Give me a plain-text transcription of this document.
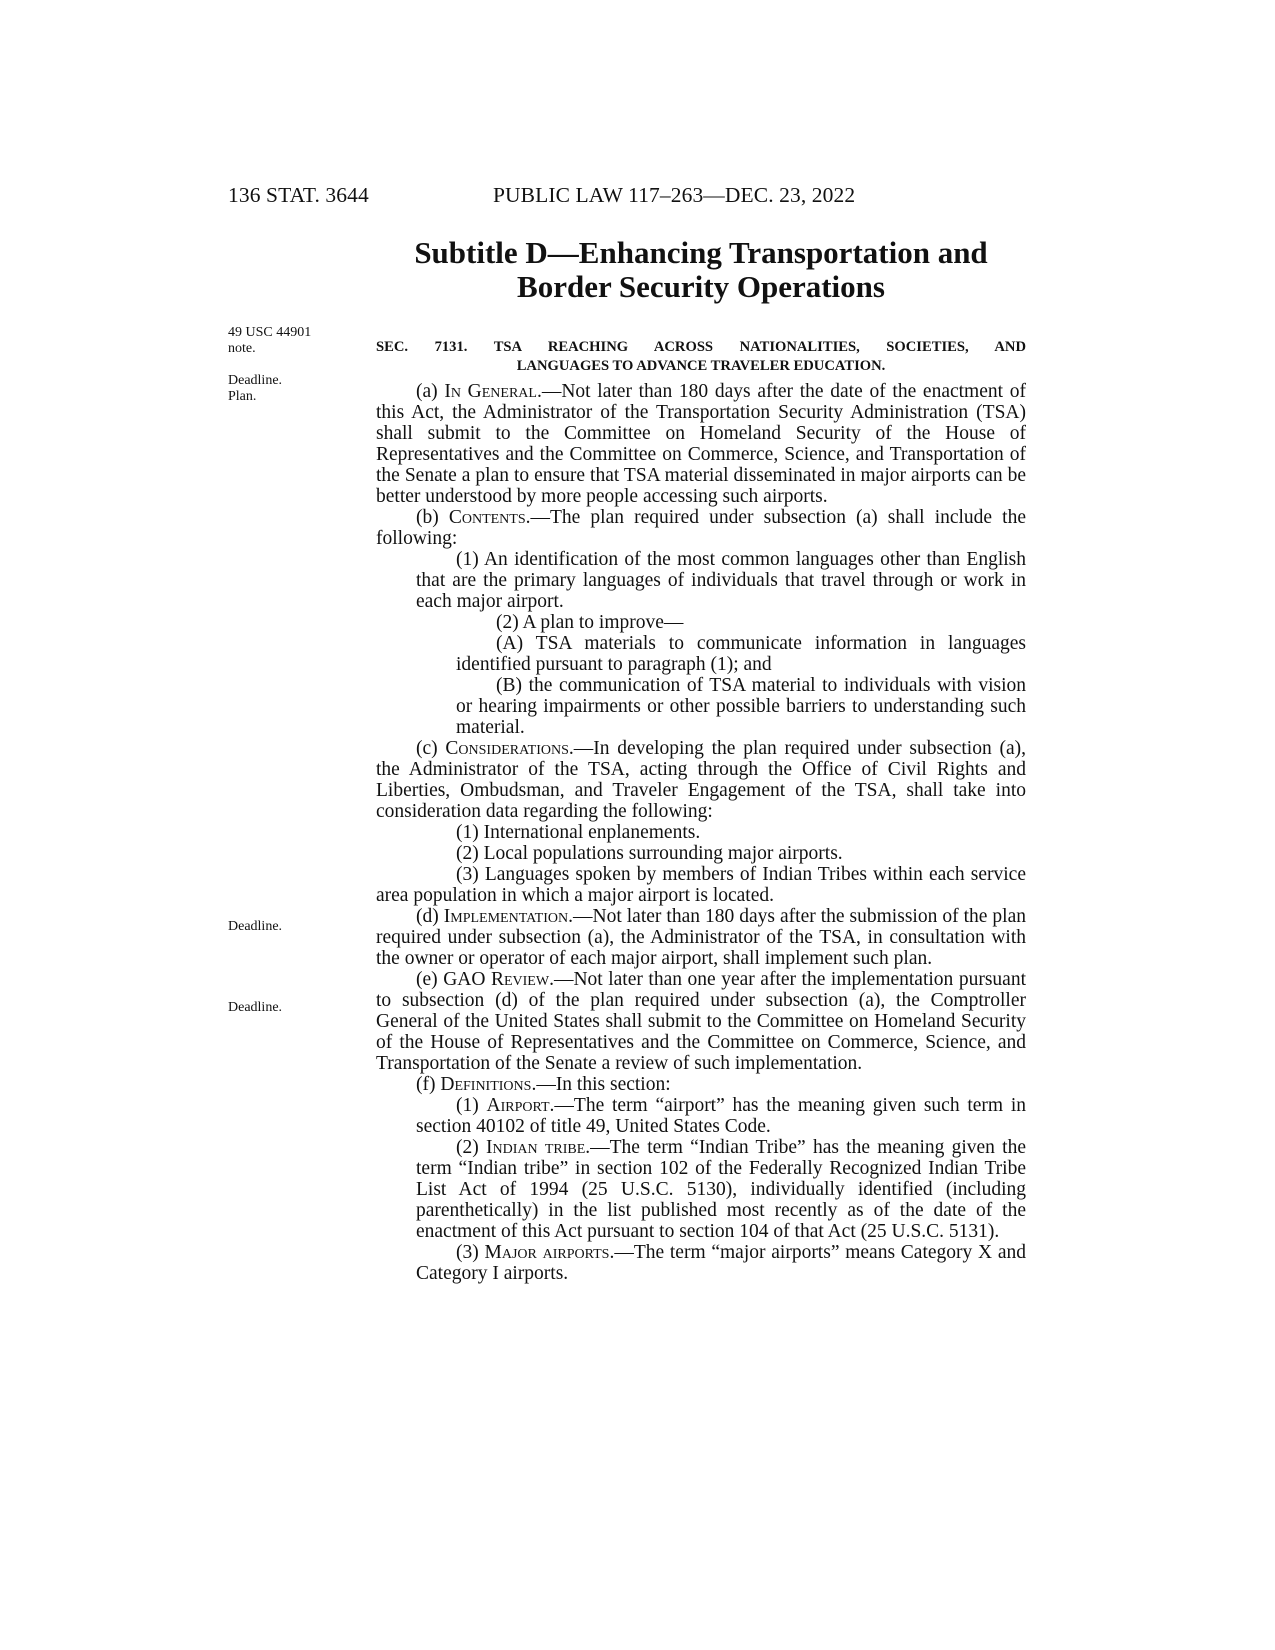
136 STAT. 3644	PUBLIC LAW 117–263—DEC. 23, 2022
Subtitle D—Enhancing Transportation and
Border Security Operations
49 USC 44901
note.
Deadline.
Plan.
Deadline.
Deadline.
SEC. 7131. TSA REACHING ACROSS NATIONALITIES, SOCIETIES, AND
LANGUAGES TO ADVANCE TRAVELER EDUCATION.

(a) In General.—Not later than 180 days after the date of the enactment of this Act, the Administrator of the Transportation Security Administration (TSA) shall submit to the Committee on Homeland Security of the House of Representatives and the Committee on Commerce, Science, and Transportation of the Senate a plan to ensure that TSA material disseminated in major airports can be better understood by more people accessing such airports.

(b) Contents.—The plan required under subsection (a) shall include the following:

(1) An identification of the most common languages other than English that are the primary languages of individuals that travel through or work in each major airport.

(2) A plan to improve—

(A) TSA materials to communicate information in languages identified pursuant to paragraph (1); and

(B) the communication of TSA material to individuals with vision or hearing impairments or other possible barriers to understanding such material.

(c) Considerations.—In developing the plan required under subsection (a), the Administrator of the TSA, acting through the Office of Civil Rights and Liberties, Ombudsman, and Traveler Engagement of the TSA, shall take into consideration data regarding the following:

(1) International enplanements.

(2) Local populations surrounding major airports.

(3) Languages spoken by members of Indian Tribes within each service area population in which a major airport is located.

(d) Implementation.—Not later than 180 days after the submission of the plan required under subsection (a), the Administrator of the TSA, in consultation with the owner or operator of each major airport, shall implement such plan.

(e) GAO Review.—Not later than one year after the implementation pursuant to subsection (d) of the plan required under subsection (a), the Comptroller General of the United States shall submit to the Committee on Homeland Security of the House of Representatives and the Committee on Commerce, Science, and Transportation of the Senate a review of such implementation.

(f) Definitions.—In this section:

(1) Airport.—The term “airport” has the meaning given such term in section 40102 of title 49, United States Code.

(2) Indian tribe.—The term “Indian Tribe” has the meaning given the term “Indian tribe” in section 102 of the Federally Recognized Indian Tribe List Act of 1994 (25 U.S.C. 5130), individually identified (including parenthetically) in the list published most recently as of the date of the enactment of this Act pursuant to section 104 of that Act (25 U.S.C. 5131).

(3) Major airports.—The term “major airports” means Category X and Category I airports.
